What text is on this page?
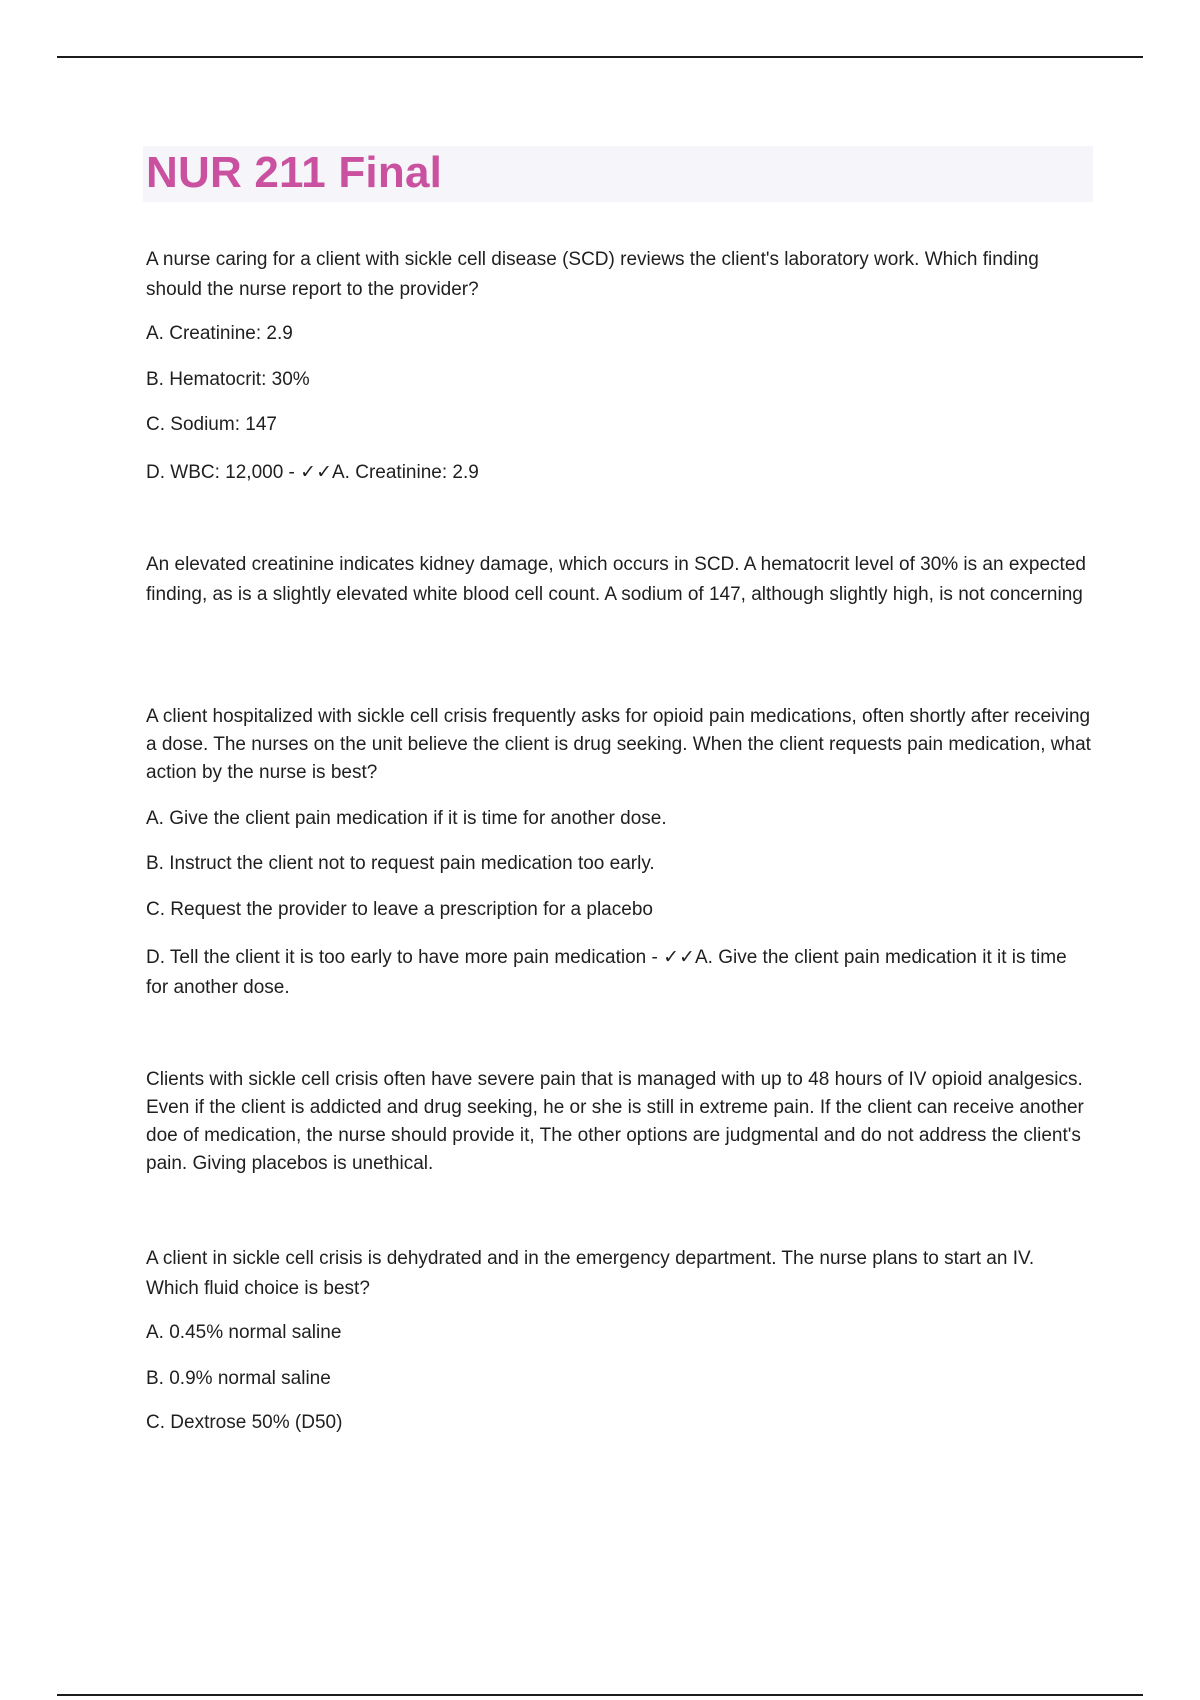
NUR 211 Final

A nurse caring for a client with sickle cell disease (SCD) reviews the client's laboratory work. Which finding should the nurse report to the provider?

A. Creatinine: 2.9

B. Hematocrit: 30%

C. Sodium: 147

D. WBC: 12,000 - ✓✓A. Creatinine: 2.9

An elevated creatinine indicates kidney damage, which occurs in SCD. A hematocrit level of 30% is an expected finding, as is a slightly elevated white blood cell count. A sodium of 147, although slightly high, is not concerning

A client hospitalized with sickle cell crisis frequently asks for opioid pain medications, often shortly after receiving a dose. The nurses on the unit believe the client is drug seeking. When the client requests pain medication, what action by the nurse is best?

A. Give the client pain medication if it is time for another dose.

B. Instruct the client not to request pain medication too early.

C. Request the provider to leave a prescription for a placebo

D. Tell the client it is too early to have more pain medication - ✓✓A. Give the client pain medication it it is time for another dose.

Clients with sickle cell crisis often have severe pain that is managed with up to 48 hours of IV opioid analgesics. Even if the client is addicted and drug seeking, he or she is still in extreme pain. If the client can receive another doe of medication, the nurse should provide it, The other options are judgmental and do not address the client's pain. Giving placebos is unethical.

A client in sickle cell crisis is dehydrated and in the emergency department. The nurse plans to start an IV. Which fluid choice is best?

A. 0.45% normal saline

B. 0.9% normal saline

C. Dextrose 50% (D50)
